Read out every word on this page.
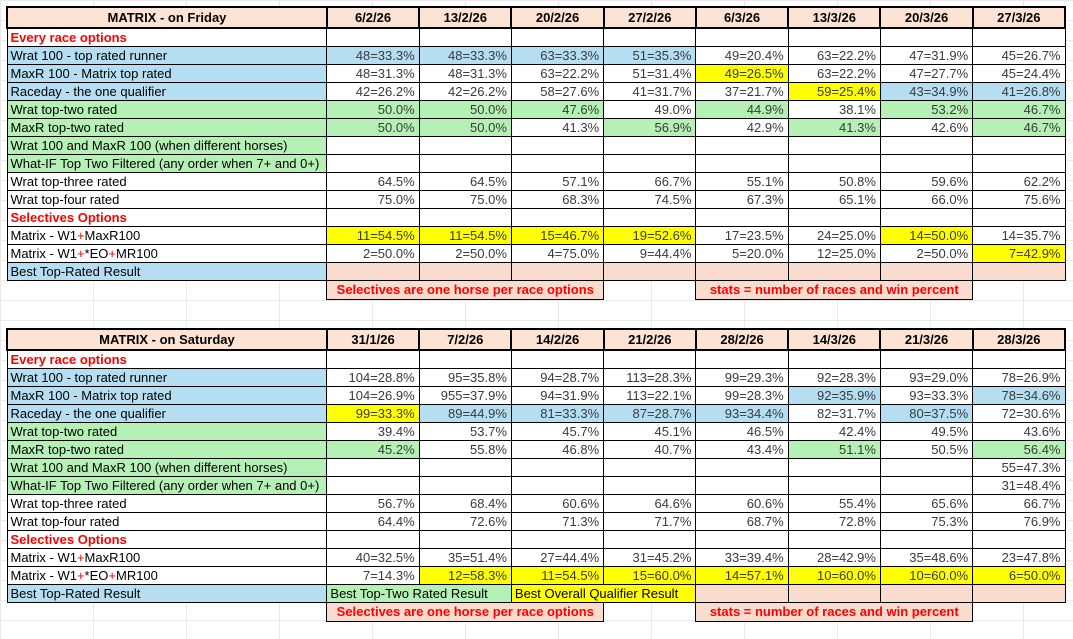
MATRIX - on Friday	6/2/26	13/2/26	20/2/26	27/2/26	6/3/26	13/3/26	20/3/26	27/3/26
Every race options								
Wrat 100 - top rated runner	48=33.3%	48=33.3%	63=33.3%	51=35.3%	49=20.4%	63=22.2%	47=31.9%	45=26.7%
MaxR 100 - Matrix top rated	48=31.3%	48=31.3%	63=22.2%	51=31.4%	49=26.5%	63=22.2%	47=27.7%	45=24.4%
Raceday - the one qualifier	42=26.2%	42=26.2%	58=27.6%	41=31.7%	37=21.7%	59=25.4%	43=34.9%	41=26.8%
Wrat top-two rated	50.0%	50.0%	47.6%	49.0%	44.9%	38.1%	53.2%	46.7%
MaxR top-two rated	50.0%	50.0%	41.3%	56.9%	42.9%	41.3%	42.6%	46.7%
Wrat 100 and MaxR 100 (when different horses)								
What-IF Top Two Filtered (any order when 7+ and 0+)								
Wrat top-three rated	64.5%	64.5%	57.1%	66.7%	55.1%	50.8%	59.6%	62.2%
Wrat top-four rated	75.0%	75.0%	68.3%	74.5%	67.3%	65.1%	66.0%	75.6%
Selectives Options								
Matrix - W1+MaxR100	11=54.5%	11=54.5%	15=46.7%	19=52.6%	17=23.5%	24=25.0%	14=50.0%	14=35.7%
Matrix - W1+*EO+MR100	2=50.0%	2=50.0%	4=75.0%	9=44.4%	5=20.0%	12=25.0%	2=50.0%	7=42.9%
Best Top-Rated Result								
	Selectives are one horse per race options				stats = number of races and win percent			
MATRIX - on Saturday	31/1/26	7/2/26	14/2/26	21/2/26	28/2/26	14/3/26	21/3/26	28/3/26
Every race options								
Wrat 100 - top rated runner	104=28.8%	95=35.8%	94=28.7%	113=28.3%	99=29.3%	92=28.3%	93=29.0%	78=26.9%
MaxR 100 - Matrix top rated	104=26.9%	955=37.9%	94=31.9%	113=22.1%	99=28.3%	92=35.9%	93=33.3%	78=34.6%
Raceday - the one qualifier	99=33.3%	89=44.9%	81=33.3%	87=28.7%	93=34.4%	82=31.7%	80=37.5%	72=30.6%
Wrat top-two rated	39.4%	53.7%	45.7%	45.1%	46.5%	42.4%	49.5%	43.6%
MaxR top-two rated	45.2%	55.8%	46.8%	40.7%	43.4%	51.1%	50.5%	56.4%
Wrat 100 and MaxR 100 (when different horses)								55=47.3%
What-IF Top Two Filtered (any order when 7+ and 0+)								31=48.4%
Wrat top-three rated	56.7%	68.4%	60.6%	64.6%	60.6%	55.4%	65.6%	66.7%
Wrat top-four rated	64.4%	72.6%	71.3%	71.7%	68.7%	72.8%	75.3%	76.9%
Selectives Options								
Matrix - W1+MaxR100	40=32.5%	35=51.4%	27=44.4%	31=45.2%	33=39.4%	28=42.9%	35=48.6%	23=47.8%
Matrix - W1+*EO+MR100	7=14.3%	12=58.3%	11=54.5%	15=60.0%	14=57.1%	10=60.0%	10=60.0%	6=50.0%
Best Top-Rated Result	Best Top-Two Rated Result		Best Overall Qualifier Result					
	Selectives are one horse per race options				stats = number of races and win percent			
